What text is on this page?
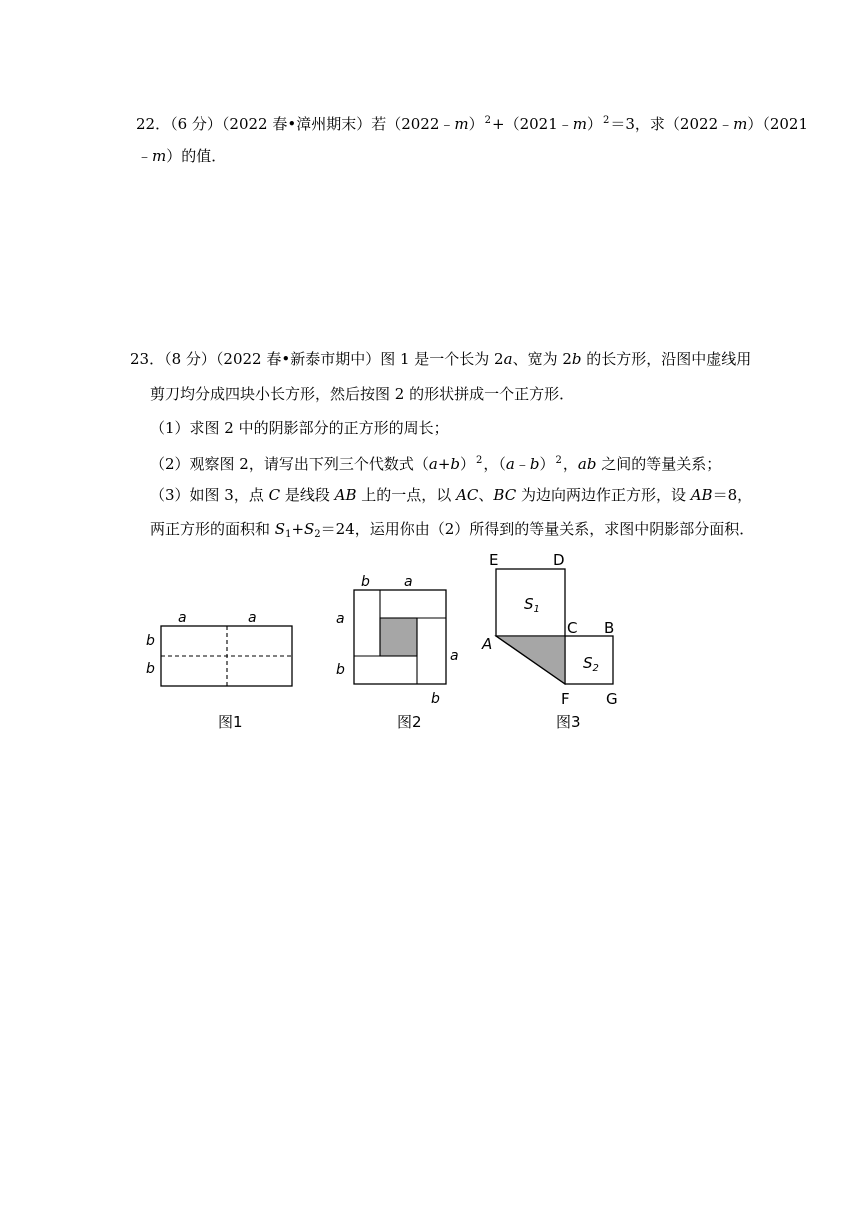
22．（6 分）（2022 春•漳州期末）若（2022﹣m）$^2$+（2021﹣m）$^2$＝3，求（2022﹣m）（2021
﹣m）的值．
23．（8 分）（2022 春•新泰市期中）图 1 是一个长为 2a、宽为 2b 的长方形，沿图中虚线用
剪刀均分成四块小长方形，然后按图 2 的形状拼成一个正方形．
（1）求图 2 中的阴影部分的正方形的周长；
（2）观察图 2，请写出下列三个代数式$(a+b)^2$，（a﹣b）$^2$，ab 之间的等量关系；
（3）如图 3，点 C 是线段 AB 上的一点，以 AC、BC 为边向两边作正方形，设 AB＝8，
两正方形的面积和 $S_1+S_2=24$，运用你由（2）所得到的等量关系，求图中阴影部分面积．
a	a
b
b
图1
b a
a
b
a
b
图2
E	D
$S_1$
A
C B
$S_2$
F G
图3
